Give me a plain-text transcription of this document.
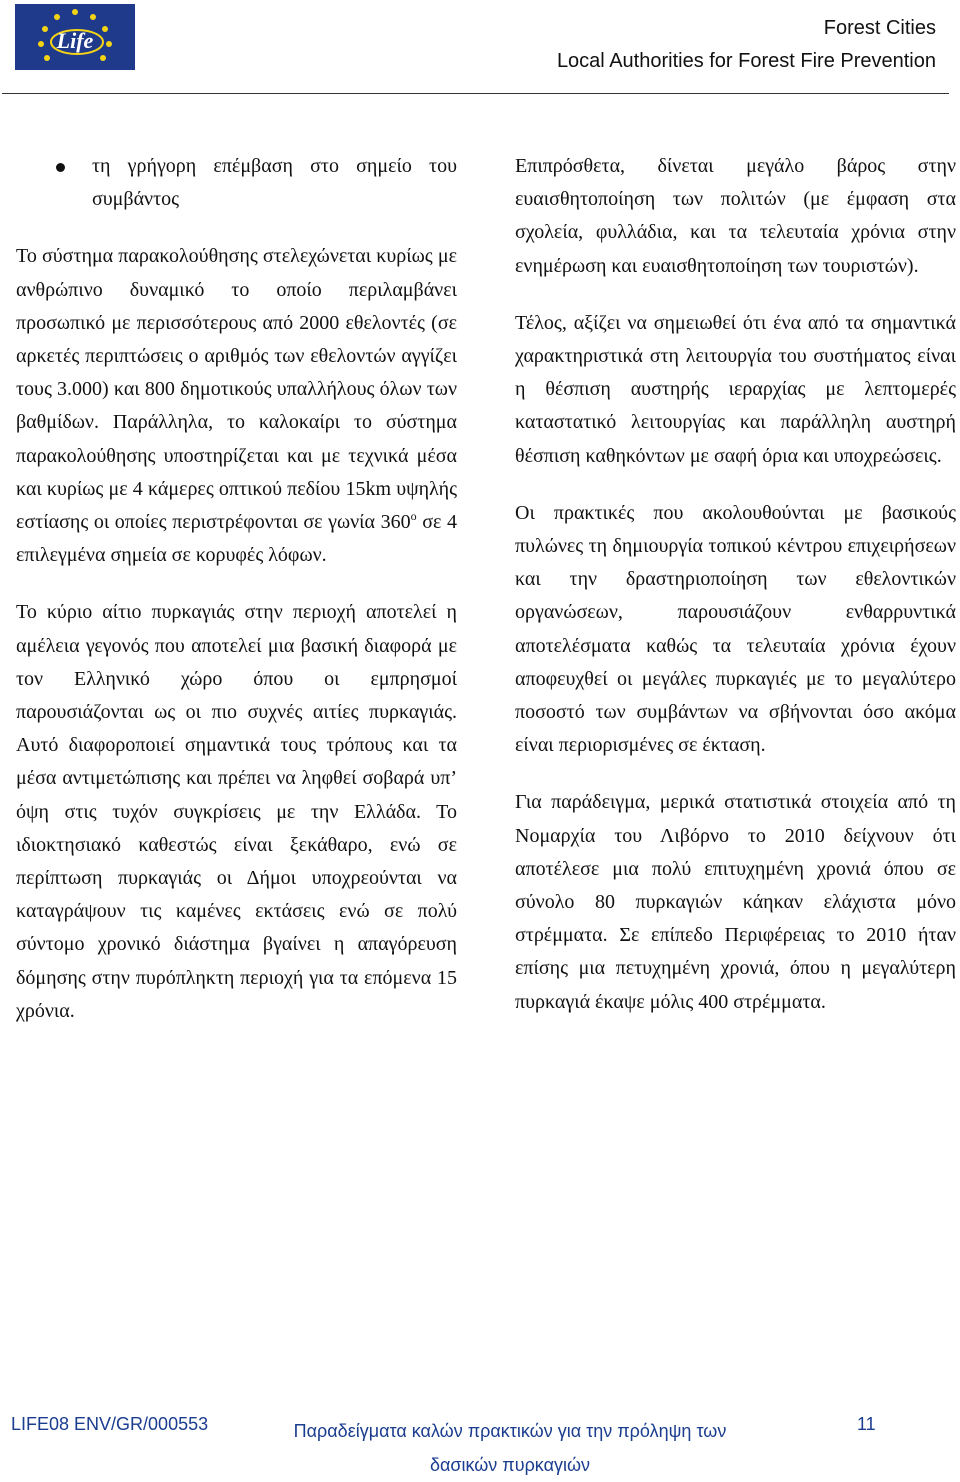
Life	Forest Cities
Local Authorities for Forest Fire Prevention
τη γρήγορη επέμβαση στο σημείο του συμβάντος

Το σύστημα παρακολούθησης στελεχώνεται κυρίως με ανθρώπινο δυναμικό το οποίο περιλαμβάνει προσωπικό με περισσότερους από 2000 εθελοντές (σε αρκετές περιπτώσεις ο αριθμός των εθελοντών αγγίζει τους 3.000) και 800 δημοτικούς υπαλλήλους όλων των βαθμίδων. Παράλληλα, το καλοκαίρι το σύστημα παρακολούθησης υποστηρίζεται και με τεχνικά μέσα και κυρίως με 4 κάμερες οπτικού πεδίου 15km υψηλής εστίασης οι οποίες περιστρέφονται σε γωνία $360^o$ σε 4 επιλεγμένα σημεία σε κορυφές λόφων.

Το κύριο αίτιο πυρκαγιάς στην περιοχή αποτελεί η αμέλεια γεγονός που αποτελεί μια βασική διαφορά με τον Ελληνικό χώρο όπου οι εμπρησμοί παρουσιάζονται ως οι πιο συχνές αιτίες πυρκαγιάς. Αυτό διαφοροποιεί σημαντικά τους τρόπους και τα μέσα αντιμετώπισης και πρέπει να ληφθεί σοβαρά υπ’ όψη στις τυχόν συγκρίσεις με την Ελλάδα. Το ιδιοκτησιακό καθεστώς είναι ξεκάθαρο, ενώ σε περίπτωση πυρκαγιάς οι Δήμοι υποχρεούνται να καταγράψουν τις καμένες εκτάσεις ενώ σε πολύ σύντομο χρονικό διάστημα βγαίνει η απαγόρευση δόμησης στην πυρόπληκτη περιοχή για τα επόμενα 15 χρόνια.

Επιπρόσθετα, δίνεται μεγάλο βάρος στην ευαισθητοποίηση των πολιτών (με έμφαση στα σχολεία, φυλλάδια, και τα τελευταία χρόνια στην ενημέρωση και ευαισθητοποίηση των τουριστών).

Τέλος, αξίζει να σημειωθεί ότι ένα από τα σημαντικά χαρακτηριστικά στη λειτουργία του συστήματος είναι η θέσπιση αυστηρής ιεραρχίας με λεπτομερές καταστατικό λειτουργίας και παράλληλη αυστηρή θέσπιση καθηκόντων με σαφή όρια και υποχρεώσεις.

Οι πρακτικές που ακολουθούνται με βασικούς πυλώνες τη δημιουργία τοπικού κέντρου επιχειρήσεων και την δραστηριοποίηση των εθελοντικών οργανώσεων, παρουσιάζουν ενθαρρυντικά αποτελέσματα καθώς τα τελευταία χρόνια έχουν αποφευχθεί οι μεγάλες πυρκαγιές με το μεγαλύτερο ποσοστό των συμβάντων να σβήνονται όσο ακόμα είναι περιορισμένες σε έκταση.

Για παράδειγμα, μερικά στατιστικά στοιχεία από τη Νομαρχία του Λιβόρνο το 2010 δείχνουν ότι αποτέλεσε μια πολύ επιτυχημένη χρονιά όπου σε σύνολο 80 πυρκαγιών κάηκαν ελάχιστα μόνο στρέμματα. Σε επίπεδο Περιφέρειας το 2010 ήταν επίσης μια πετυχημένη χρονιά, όπου η μεγαλύτερη πυρκαγιά έκαψε μόλις 400 στρέμματα.

LIFE08 ENV/GR/000553	Παραδείγματα καλών πρακτικών για την πρόληψη των δασικών πυρκαγιών
11
